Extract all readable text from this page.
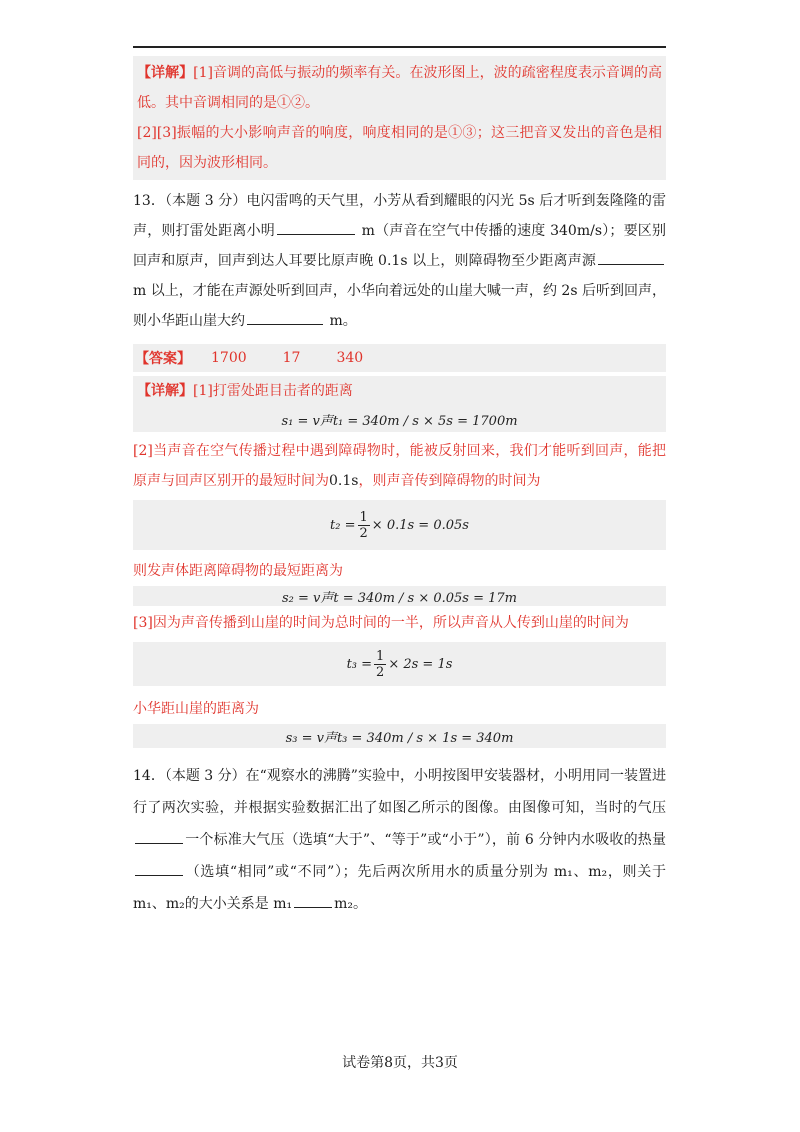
【详解】[1]音调的高低与振动的频率有关。在波形图上，波的疏密程度表示音调的高低。其中音调相同的是①②。
[2][3]振幅的大小影响声音的响度，响度相同的是①③；这三把音叉发出的音色是相同的，因为波形相同。
13．（本题 3 分）电闪雷鸣的天气里，小芳从看到耀眼的闪光 5s 后才听到轰隆隆的雷声，则打雷处距离小明	m（声音在空气中传播的速度 340m/s）；要区别回声和原声，回声到达人耳要比原声晚 0.1s 以上，则障碍物至少距离声源m 以上，才能在声源处听到回声，小华向着远处的山崖大喊一声，约 2s 后听到回声，则小华距山崖大约	m。
【答案】 1700	17	340
【详解】[1]打雷处距目击者的距离
s₁ = v声t₁ = 340m / s × 5s = 1700m
[2]当声音在空气传播过程中遇到障碍物时，能被反射回来，我们才能听到回声，能把原声与回声区别开的最短时间为0.1s，则声音传到障碍物的时间为
$t_2 = \frac{1}{2} \times 0.1s = 0.05s$
则发声体距离障碍物的最短距离为
s₂ = v声t = 340m / s × 0.05s = 17m
[3]因为声音传播到山崖的时间为总时间的一半，所以声音从人传到山崖的时间为
$t_3 = \frac{1}{2} \times 2s = 1s$
小华距山崖的距离为
s₃ = v声t₃ = 340m / s × 1s = 340m
14．（本题 3 分）在“观察水的沸腾”实验中，小明按图甲安装器材，小明用同一装置进行了两次实验，并根据实验数据汇出了如图乙所示的图像。由图像可知，当时的气压一个标准大气压（选填“大于”、“等于”或“小于”），前 6 分钟内水吸收的热量（选填“相同”或“不同”）；先后两次所用水的质量分别为 m₁、m₂，则关于 m₁、m₂的大小关系是 m₁	m₂。
试卷第8页，共3页
